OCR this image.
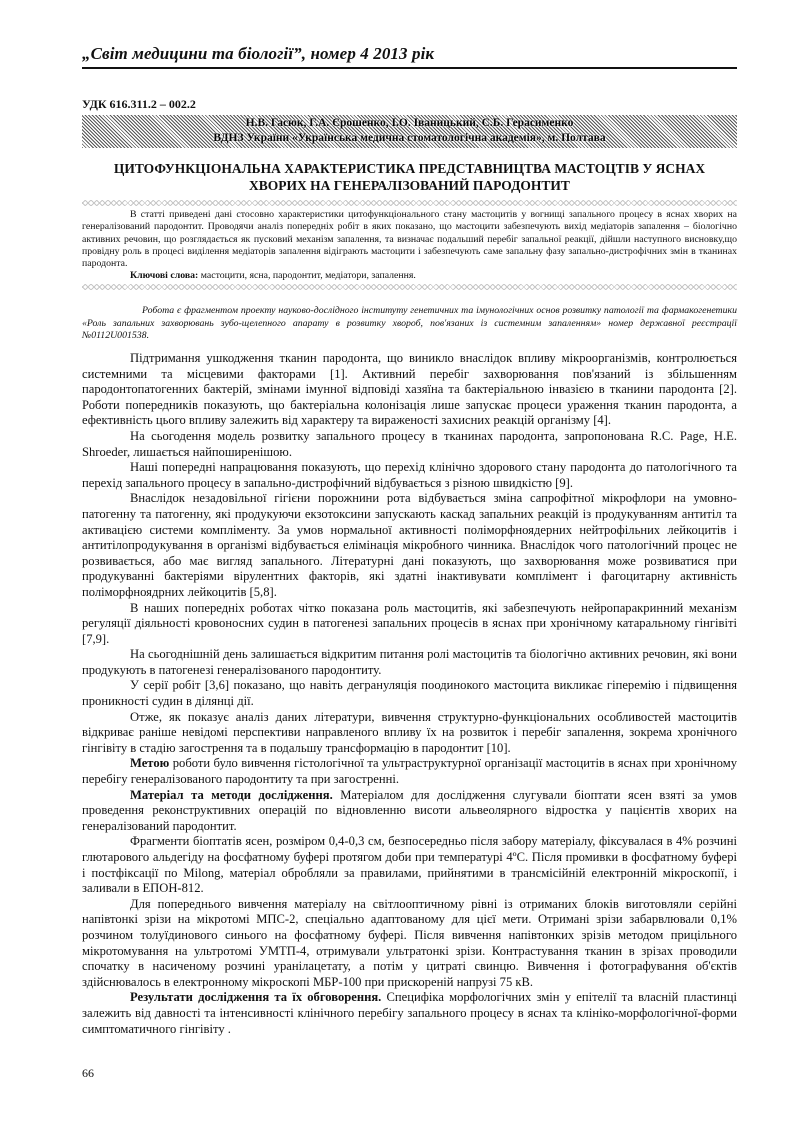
„Світ медицини та біології”, номер 4 2013 рік
УДК 616.311.2 – 002.2
Н.В. Гасюк, Г.А. Єрошенко, І.О. Іваницький, С.Б. Герасименко
ВДНЗ України «Українська медична стоматологічна академія», м. Полтава
ЦИТОФУНКЦІОНАЛЬНА ХАРАКТЕРИСТИКА ПРЕДСТАВНИЦТВА МАСТОЦТІВ У ЯСНАХ
ХВОРИХ НА ГЕНЕРАЛІЗОВАНИЙ ПАРОДОНТИТ

В статті приведені дані стосовно характеристики цитофункціонального стану мастоцитів у вогнищі запального процесу в яснах хворих на генералізований пародонтит. Проводячи аналіз попередніх робіт в яких показано, що мастоцити забезпечують вихід медіаторів запалення – біологічно активних речовин, що розглядається як пусковий механізм запалення, та визначає подальший перебіг запальної реакції, дійшли наступного висновку,що провідну роль в процесі виділення медіаторів запалення відіграють мастоцити і забезпечують саме запальну фазу запально-дистрофічних змін в тканинах пародонта.

Ключові слова: мастоцити, ясна, пародонтит, медіатори, запалення.

Робота є фрагментом проекту науково-дослідного інституту генетичних та імунологічних основ розвитку патології та фармакогенетики «Роль запальних захворювань зубо-щелепного апарату в розвитку хвороб, пов'язаних із системним запаленням» номер державної реєстрації №0112U001538.

Підтримання ушкодження тканин пародонта, що виникло внаслідок впливу мікроорганізмів, контролюється системними та місцевими факторами [1]. Активний перебіг захворювання пов'язаний із збільшенням пародонтопатогенних бактерій, змінами імунної відповіді хазяїна та бактеріальною інвазією в тканини пародонта [2]. Роботи попередників показують, що бактеріальна колонізація лише запускає процеси ураження тканин пародонта, а ефективність цього впливу залежить від характеру та вираженості захисних реакцій організму [4].

На сьогодення модель розвитку запального процесу в тканинах пародонта, запропонована R.C. Page, H.E. Shroeder, лишається найпоширенішою.

Наші попередні напрацювання показують, що перехід клінічно здорового стану пародонта до патологічного та перехід запального процесу в запально-дистрофічний відбувається з різною швидкістю [9].

Внаслідок незадовільної гігієни порожнини рота відбувається зміна сапрофітної мікрофлори на умовно-патогенну та патогенну, які продукуючи екзотоксини запускають каскад запальних реакцій із продукуванням антитіл та активацією системи компліменту. За умов нормальної активності поліморфноядерних нейтрофільних лейкоцитів і антитілопродукування в організмі відбувається елімінація мікробного чинника. Внаслідок чого патологічний процес не розвивається, або має вигляд запального. Літературні дані показують, що захворювання може розвиватися при продукуванні бактеріями вірулентних факторів, які здатні інактивувати комплімент і фагоцитарну активність поліморфноядрних лейкоцитів [5,8].

В наших попередніх роботах чітко показана роль мастоцитів, які забезпечують нейропаракринний механізм регуляції діяльності кровоносних судин в патогенезі запальних процесів в яснах при хронічному катаральному гінгівіті [7,9].

На сьогоднішній день залишається відкритим питання ролі мастоцитів та біологічно активних речовин, які вони продукують в патогенезі генералізованого пародонтиту.

У серії робіт [3,6] показано, що навіть дегрануляція поодинокого мастоцита викликає гіперемію і підвищення проникності судин в ділянці дії.

Отже, як показує аналіз даних літератури, вивчення структурно-функціональних особливостей мастоцитів відкриває раніше невідомі перспективи направленого впливу їх на розвиток і перебіг запалення, зокрема хронічного гінгівіту в стадію загострення та в подальшу трансформацію в пародонтит [10].

Метою роботи було вивчення гістологічної та ультраструктурної організації мастоцитів в яснах при хронічному перебігу генералізованого пародонтиту та при загостренні.

Матеріал та методи дослідження. Матеріалом для дослідження слугували біоптати ясен взяті за умов проведення реконструктивних операцій по відновленню висоти альвеолярного відростка у пацієнтів хворих на генералізований пародонтит.

Фрагменти біоптатів ясен, розміром 0,4-0,3 см, безпосередньо після забору матеріалу, фіксувалася в 4% розчині глютарового альдегіду на фосфатному буфері протягом доби при температурі 4ºС. Після промивки в фосфатному буфері і постфіксації по Milong, матеріал обробляли за правилами, прийнятими в трансмісійній електронній мікроскопії, і заливали в ЕПОН-812.

Для попереднього вивчення матеріалу на світлооптичному рівні із отриманих блоків виготовляли серійні напівтонкі зрізи на мікротомі МПС-2, спеціально адаптованому для цієї мети. Отримані зрізи забарвлювали 0,1% розчином толуїдинового синього на фосфатному буфері. Після вивчення напівтонких зрізів методом прицільного мікротомування на ультротомі УМТП-4, отримували ультратонкі зрізи. Контрастування тканин в зрізах проводили спочатку в насиченому розчині уранілацетату, а потім у цитраті свинцю. Вивчення і фотографування об'єктів здійснювалось в електронному мікроскопі МБР-100 при прискореній напрузі 75 кВ.

Результати дослідження та їх обговорення. Специфіка морфологічних змін у епітелії та власній пластинці залежить від давності та інтенсивності клінічного перебігу запального процесу в яснах та клініко-морфологічної-форми симптоматичного гінгівіту .

66
